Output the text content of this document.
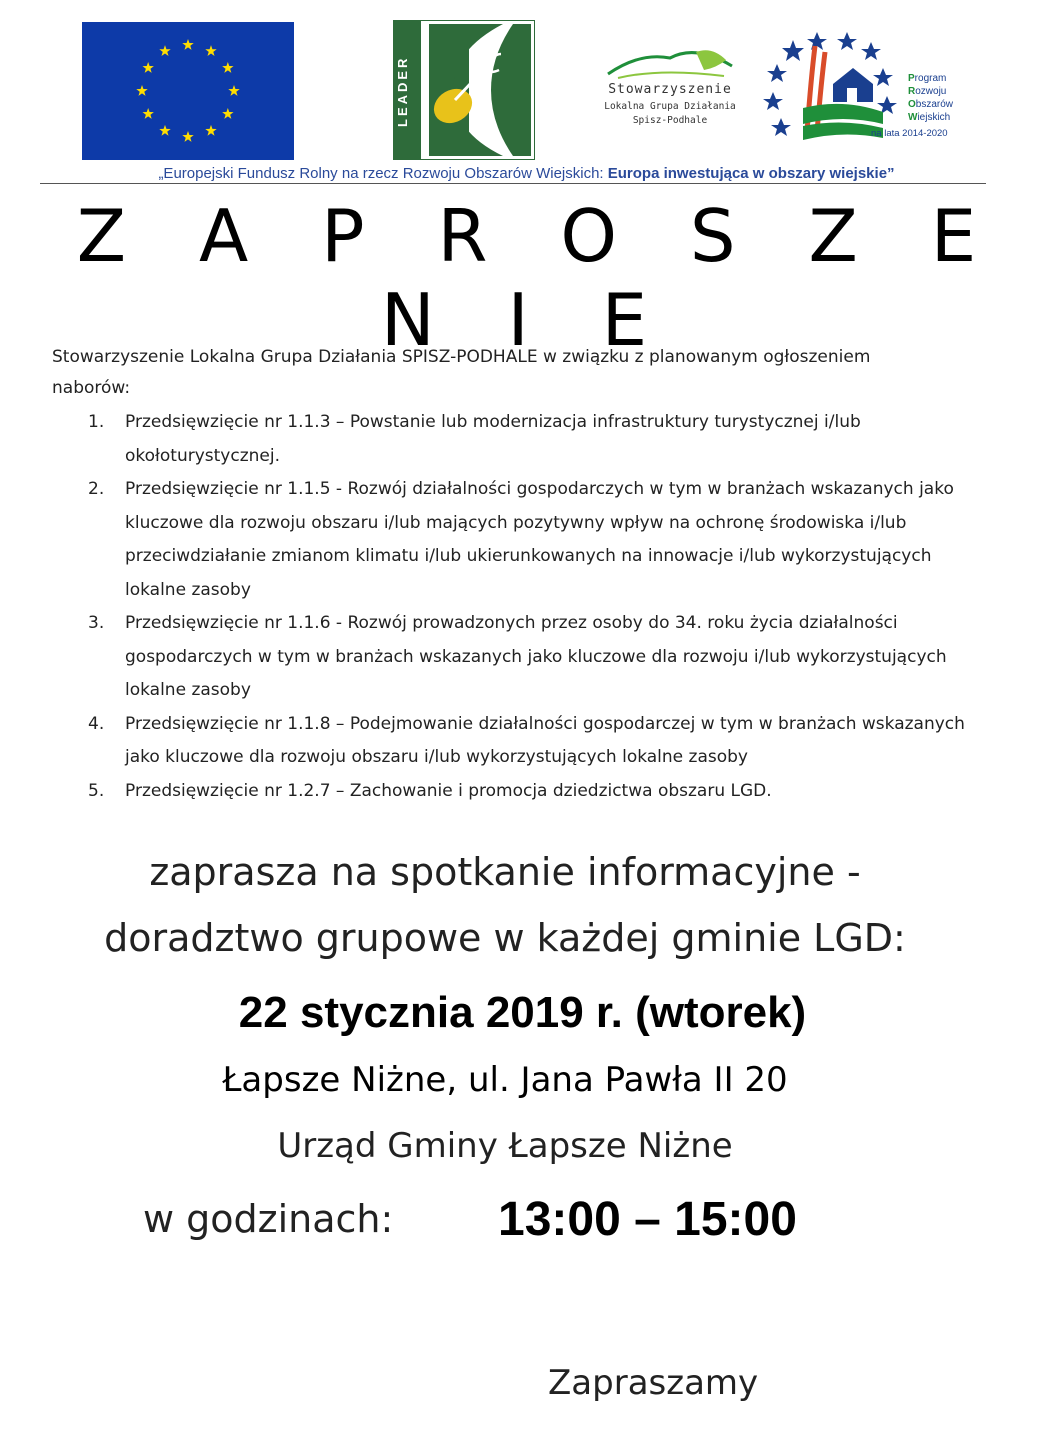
LEADER	Stowarzyszenie
Lokalna Grupa Działania
Spisz-Podhale
Program
Rozwoju
Obszarów
Wiejskich
na lata 2014-2020
„Europejski Fundusz Rolny na rzecz Rozwoju Obszarów Wiejskich: Europa inwestująca w obszary wiejskie”
Z A P R O S Z E N I E
Stowarzyszenie Lokalna Grupa Działania SPISZ-PODHALE w związku z planowanym ogłoszeniem naborów:
1.	Przedsięwzięcie nr 1.1.3 – Powstanie lub modernizacja infrastruktury turystycznej i/lub okołoturystycznej.
2.	Przedsięwzięcie nr 1.1.5 - Rozwój działalności gospodarczych w tym w branżach wskazanych jako kluczowe dla rozwoju obszaru i/lub mających pozytywny wpływ na ochronę środowiska i/lub przeciwdziałanie zmianom klimatu i/lub ukierunkowanych na innowacje i/lub wykorzystujących lokalne zasoby
3.	Przedsięwzięcie nr 1.1.6 - Rozwój prowadzonych przez osoby do 34. roku życia działalności gospodarczych w tym w branżach wskazanych jako kluczowe dla rozwoju i/lub wykorzystujących lokalne zasoby
4.	Przedsięwzięcie nr 1.1.8 – Podejmowanie działalności gospodarczej w tym w branżach wskazanych jako kluczowe dla rozwoju obszaru i/lub wykorzystujących lokalne zasoby
5.	Przedsięwzięcie nr 1.2.7 – Zachowanie i promocja dziedzictwa obszaru LGD.
zaprasza na spotkanie informacyjne -
doradztwo grupowe w każdej gminie LGD:
22 stycznia 2019 r. (wtorek)
Łapsze Niżne, ul. Jana Pawła II 20
Urząd Gminy Łapsze Niżne
w godzinach: 13:00 – 15:00
Zapraszamy
